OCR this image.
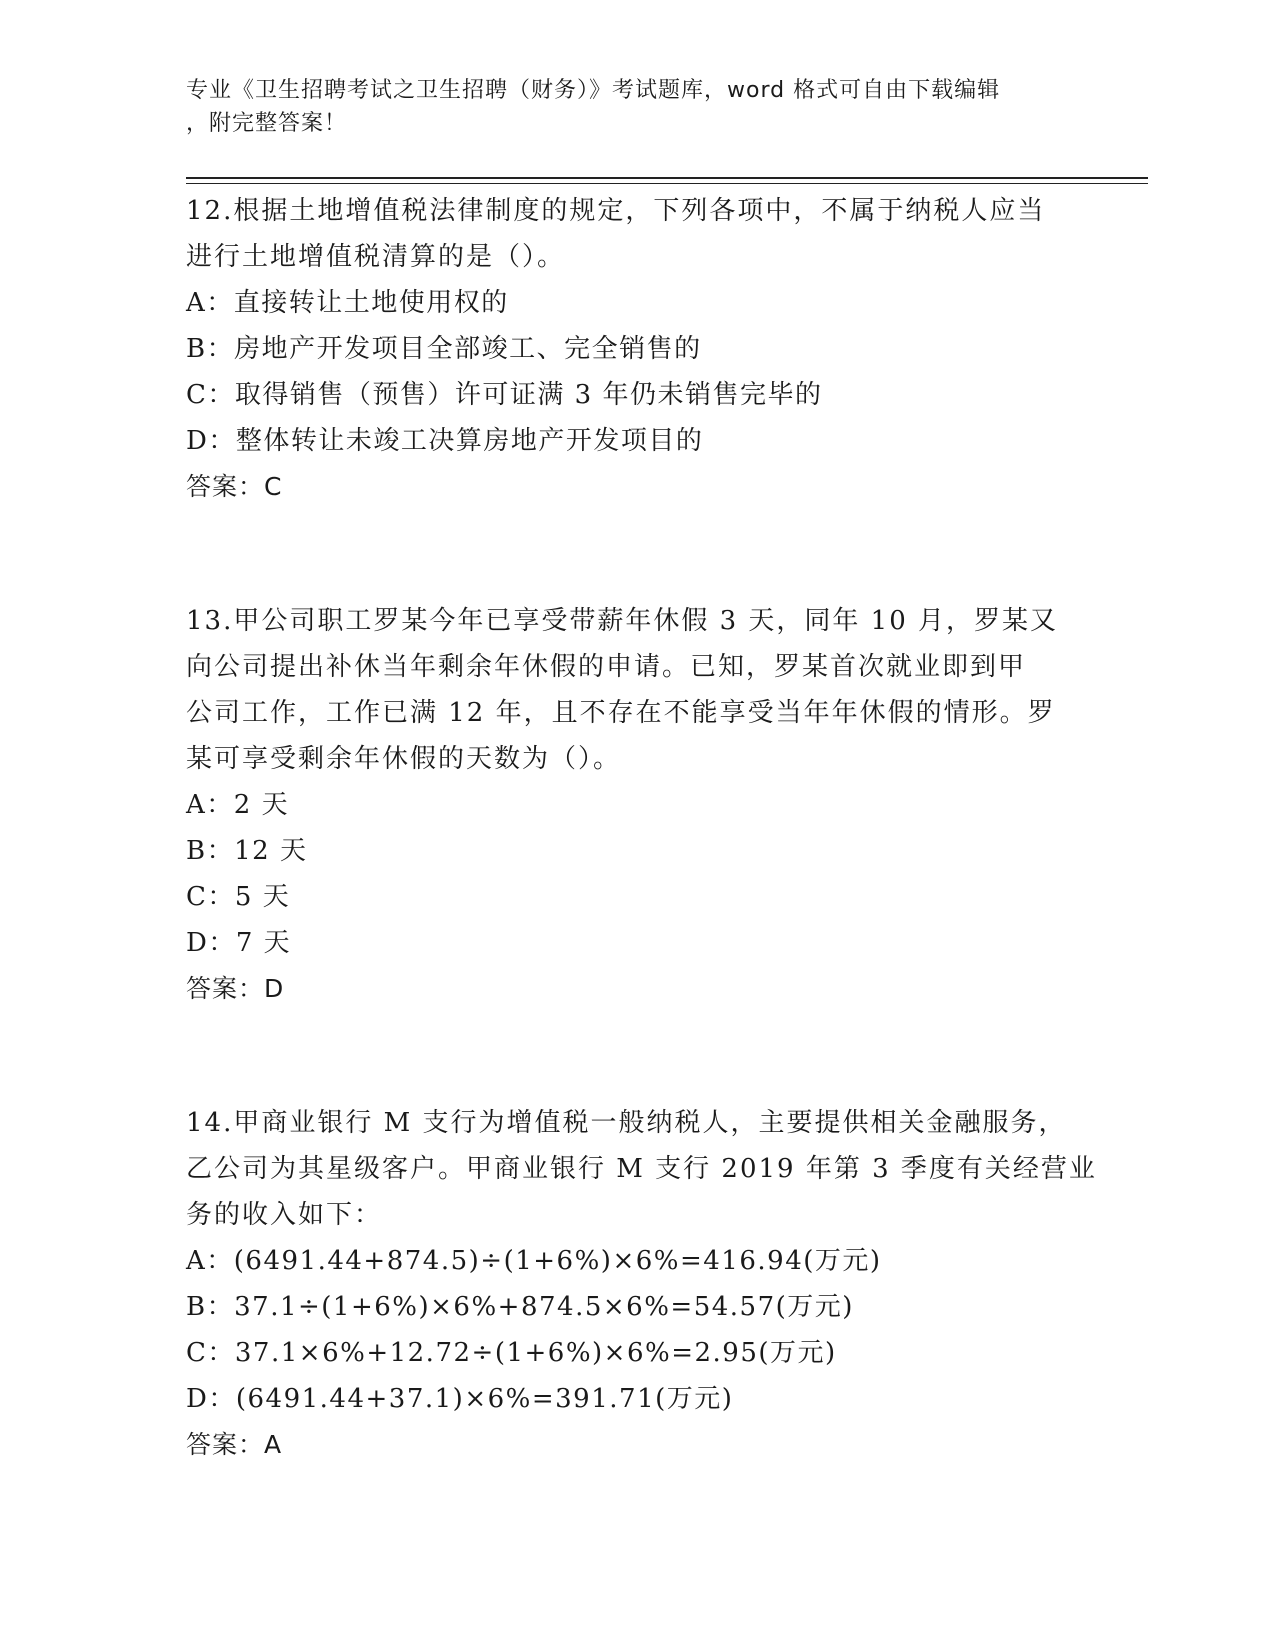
专业《卫生招聘考试之卫生招聘（财务）》考试题库，word 格式可自由下载编辑
，附完整答案！
12.根据土地增值税法律制度的规定，下列各项中，不属于纳税人应当
进行土地增值税清算的是（）。
A：直接转让土地使用权的
B：房地产开发项目全部竣工、完全销售的
C：取得销售（预售）许可证满 3 年仍未销售完毕的
D：整体转让未竣工决算房地产开发项目的
答案：C
13.甲公司职工罗某今年已享受带薪年休假 3 天，同年 10 月，罗某又
向公司提出补休当年剩余年休假的申请。已知，罗某首次就业即到甲
公司工作，工作已满 12 年，且不存在不能享受当年年休假的情形。罗
某可享受剩余年休假的天数为（）。
A：2 天
B：12 天
C：5 天
D：7 天
答案：D
14.甲商业银行 M 支行为增值税一般纳税人，主要提供相关金融服务，
乙公司为其星级客户。甲商业银行 M 支行 2019 年第 3 季度有关经营业
务的收入如下：
A：(6491.44+874.5)÷(1+6%)×6%=416.94(万元)
B：37.1÷(1+6%)×6%+874.5×6%=54.57(万元)
C：37.1×6%+12.72÷(1+6%)×6%=2.95(万元)
D：(6491.44+37.1)×6%=391.71(万元)
答案：A
